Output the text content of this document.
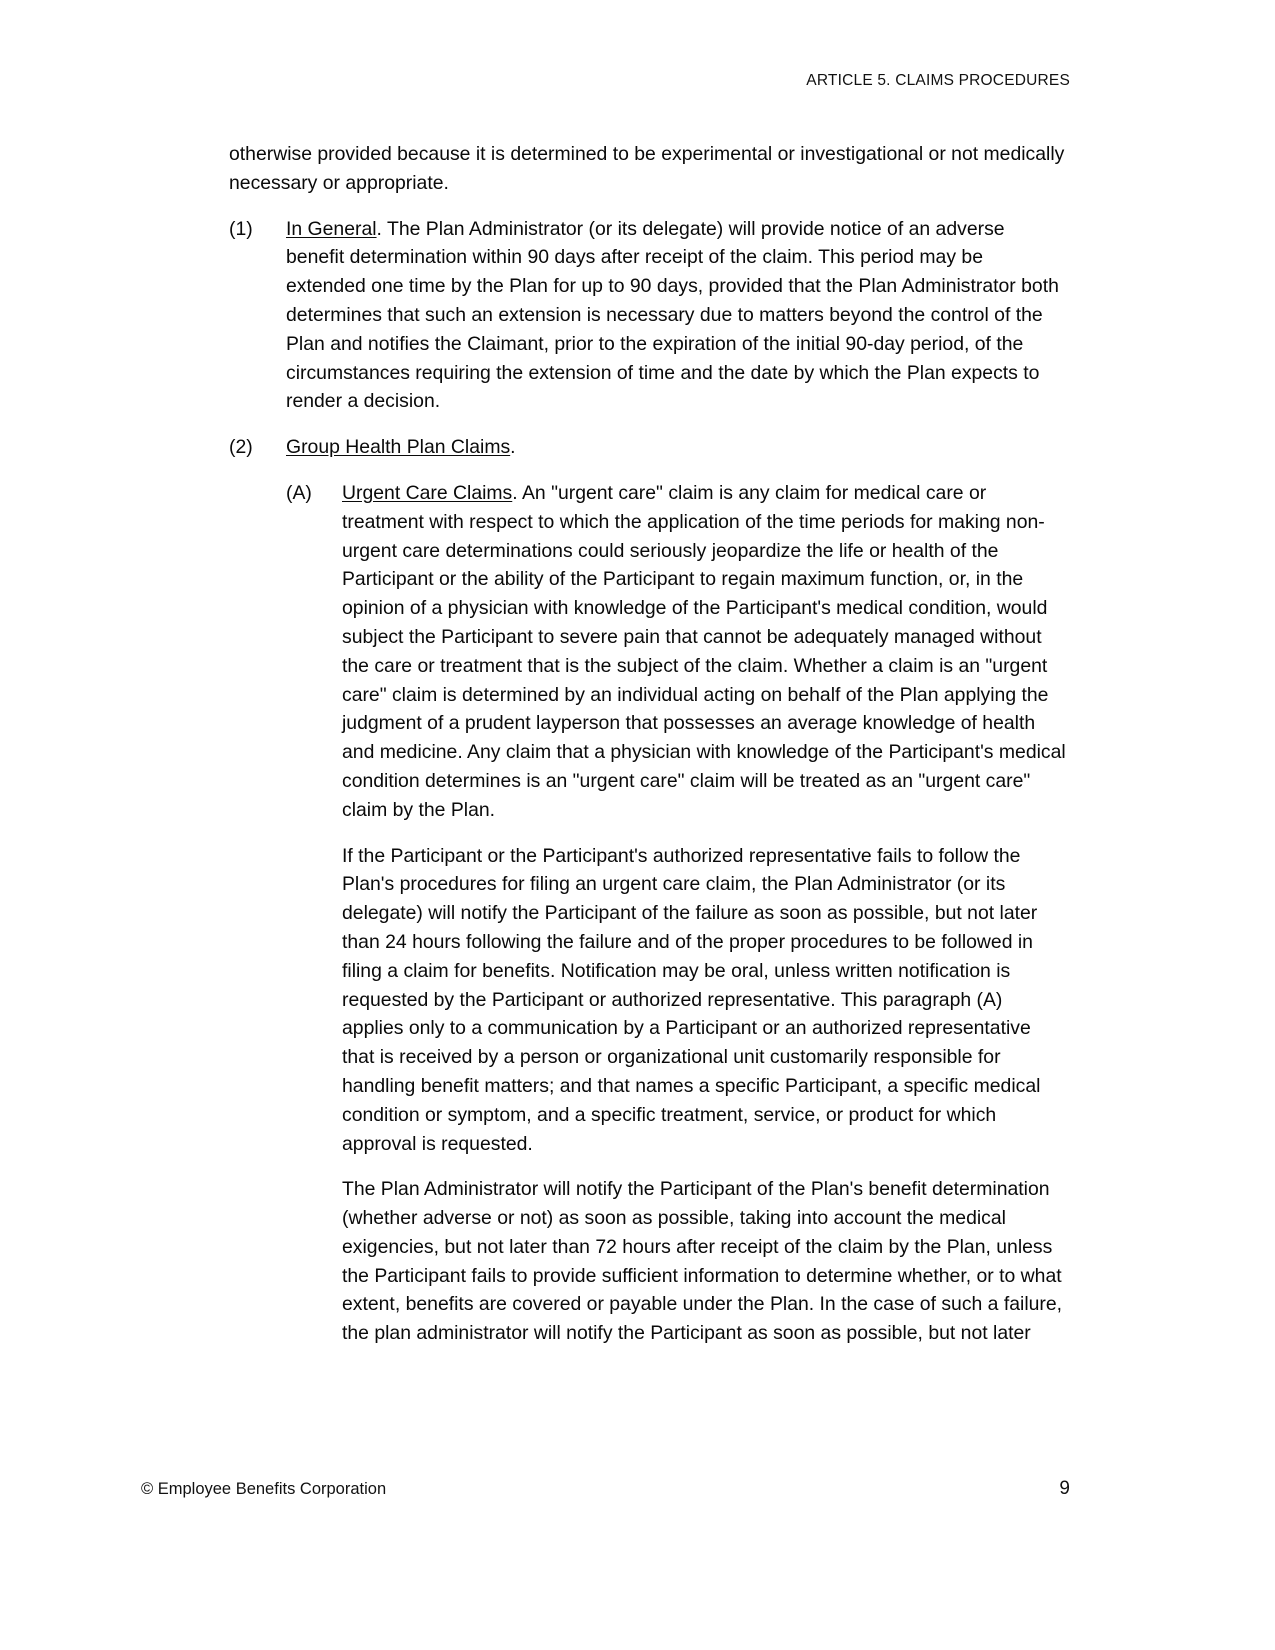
ARTICLE 5. CLAIMS PROCEDURES

otherwise provided because it is determined to be experimental or investigational or not medically necessary or appropriate.

(1)	In General. The Plan Administrator (or its delegate) will provide notice of an adverse benefit determination within 90 days after receipt of the claim. This period may be extended one time by the Plan for up to 90 days, provided that the Plan Administrator both determines that such an extension is necessary due to matters beyond the control of the Plan and notifies the Claimant, prior to the expiration of the initial 90-day period, of the circumstances requiring the extension of time and the date by which the Plan expects to render a decision.

(2)	Group Health Plan Claims.

(A)	Urgent Care Claims. An "urgent care" claim is any claim for medical care or treatment with respect to which the application of the time periods for making non-urgent care determinations could seriously jeopardize the life or health of the Participant or the ability of the Participant to regain maximum function, or, in the opinion of a physician with knowledge of the Participant's medical condition, would subject the Participant to severe pain that cannot be adequately managed without the care or treatment that is the subject of the claim. Whether a claim is an "urgent care" claim is determined by an individual acting on behalf of the Plan applying the judgment of a prudent layperson that possesses an average knowledge of health and medicine. Any claim that a physician with knowledge of the Participant's medical condition determines is an "urgent care" claim will be treated as an "urgent care" claim by the Plan.

If the Participant or the Participant's authorized representative fails to follow the Plan's procedures for filing an urgent care claim, the Plan Administrator (or its delegate) will notify the Participant of the failure as soon as possible, but not later than 24 hours following the failure and of the proper procedures to be followed in filing a claim for benefits. Notification may be oral, unless written notification is requested by the Participant or authorized representative. This paragraph (A) applies only to a communication by a Participant or an authorized representative that is received by a person or organizational unit customarily responsible for handling benefit matters; and that names a specific Participant, a specific medical condition or symptom, and a specific treatment, service, or product for which approval is requested.

The Plan Administrator will notify the Participant of the Plan's benefit determination (whether adverse or not) as soon as possible, taking into account the medical exigencies, but not later than 72 hours after receipt of the claim by the Plan, unless the Participant fails to provide sufficient information to determine whether, or to what extent, benefits are covered or payable under the Plan. In the case of such a failure, the plan administrator will notify the Participant as soon as possible, but not later

© Employee Benefits Corporation	9
